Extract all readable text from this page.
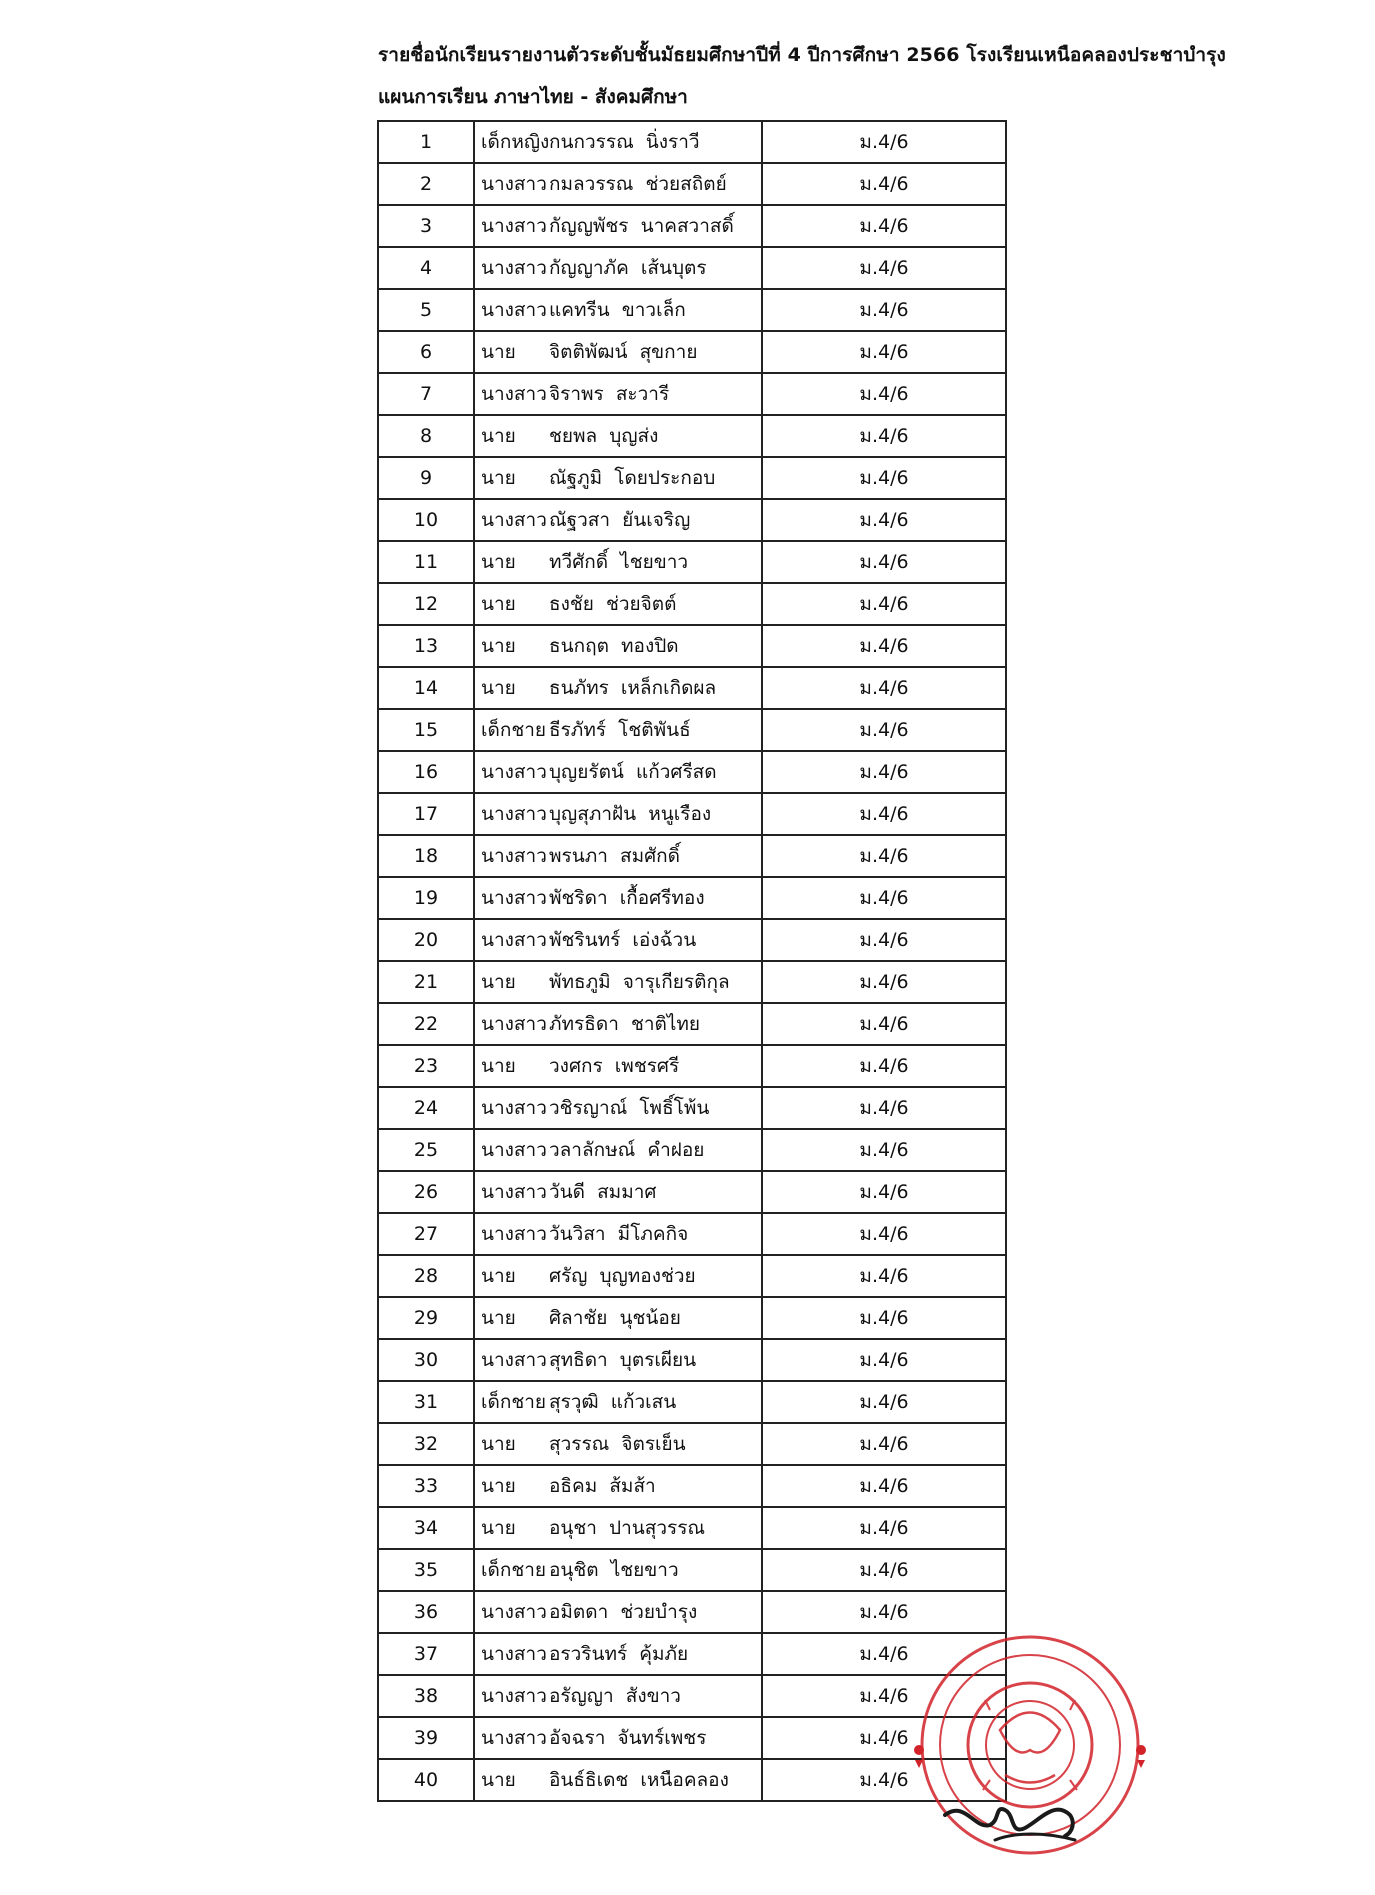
รายชื่อนักเรียนรายงานตัวระดับชั้นมัธยมศึกษาปีที่ 4 ปีการศึกษา 2566 โรงเรียนเหนือคลองประชาบำรุง
แผนการเรียน ภาษาไทย - สังคมศึกษา
1	เด็กหญิงกนกวรรณ  นิ่งราวี	ม.4/6
2	นางสาว กมลวรรณ  ช่วยสถิตย์	ม.4/6
3	นางสาว กัญญพัชร  นาคสวาสดิ์	ม.4/6
4	นางสาว กัญญาภัค  เส้นบุตร	ม.4/6
5	นางสาว แคทรีน  ขาวเล็ก	ม.4/6
6	นาย จิตติพัฒน์  สุขกาย	ม.4/6
7	นางสาว จิราพร  สะวารี	ม.4/6
8	นาย ชยพล  บุญส่ง	ม.4/6
9	นาย ณัฐภูมิ  โดยประกอบ	ม.4/6
10	นางสาว ณัฐวสา  ยันเจริญ	ม.4/6
11	นาย ทวีศักดิ์  ไชยขาว	ม.4/6
12	นาย ธงชัย  ช่วยจิตต์	ม.4/6
13	นาย ธนกฤต  ทองปิด	ม.4/6
14	นาย ธนภัทร  เหล็กเกิดผล	ม.4/6
15	เด็กชาย ธีรภัทร์  โชติพันธ์	ม.4/6
16	นางสาว บุญยรัตน์  แก้วศรีสด	ม.4/6
17	นางสาว บุญสุภาฝัน  หนูเรือง	ม.4/6
18	นางสาว พรนภา  สมศักดิ์	ม.4/6
19	นางสาว พัชริดา  เกื้อศรีทอง	ม.4/6
20	นางสาว พัชรินทร์  เอ่งฉ้วน	ม.4/6
21	นาย พัทธภูมิ  จารุเกียรติกุล	ม.4/6
22	นางสาว ภัทรธิดา  ชาติไทย	ม.4/6
23	นาย วงศกร  เพชรศรี	ม.4/6
24	นางสาว วชิรญาณ์  โพธิ์โพ้น	ม.4/6
25	นางสาว วลาลักษณ์  คำฝอย	ม.4/6
26	นางสาว วันดี  สมมาศ	ม.4/6
27	นางสาว วันวิสา  มีโภคกิจ	ม.4/6
28	นาย ศรัญ  บุญทองช่วย	ม.4/6
29	นาย ศิลาชัย  นุชน้อย	ม.4/6
30	นางสาว สุทธิดา  บุตรเผียน	ม.4/6
31	เด็กชาย สุรวุฒิ  แก้วเสน	ม.4/6
32	นาย สุวรรณ  จิตรเย็น	ม.4/6
33	นาย อธิคม  ส้มส้า	ม.4/6
34	นาย อนุชา  ปานสุวรรณ	ม.4/6
35	เด็กชาย อนุชิต  ไชยขาว	ม.4/6
36	นางสาว อมิตดา  ช่วยบำรุง	ม.4/6
37	นางสาว อรวรินทร์  คุ้มภัย	ม.4/6
38	นางสาว อรัญญา  สังขาว	ม.4/6
39	นางสาว อัจฉรา  จันทร์เพชร	ม.4/6
40	นาย อินธ์ธิเดช  เหนือคลอง	ม.4/6
